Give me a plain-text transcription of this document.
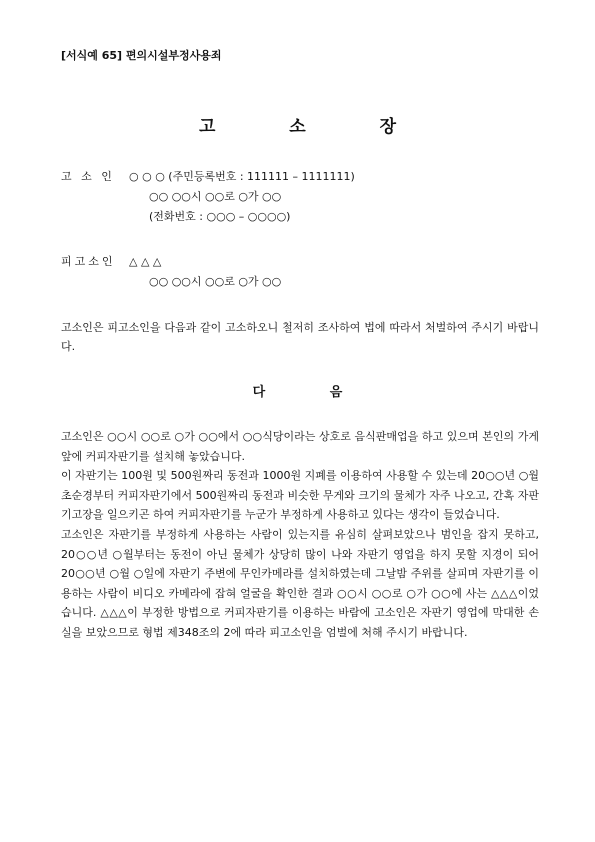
[서식예 65] 편의시설부정사용죄
고 소 장
고 소 인	○ ○ ○ (주민등록번호 : 111111 – 1111111)
○○ ○○시 ○○로 ○가 ○○
(전화번호 : ○○○ – ○○○○)
피고소인	△ △ △
○○ ○○시 ○○로 ○가 ○○
고소인은 피고소인을 다음과 같이 고소하오니 철저히 조사하여 법에 따라서 처벌하여 주시기 바랍니다.
다 음

고소인은 ○○시 ○○로 ○가 ○○에서 ○○식당이라는 상호로 음식판매업을 하고 있으며 본인의 가게 앞에 커피자판기를 설치해 놓았습니다.

이 자판기는 100원 및 500원짜리 동전과 1000원 지폐를 이용하여 사용할 수 있는데 20○○년 ○월 초순경부터 커피자판기에서 500원짜리 동전과 비슷한 무게와 크기의 물체가 자주 나오고, 간혹 자판기고장을 일으키곤 하여 커피자판기를 누군가 부정하게 사용하고 있다는 생각이 들었습니다.

고소인은 자판기를 부정하게 사용하는 사람이 있는지를 유심히 살펴보았으나 범인을 잡지 못하고, 20○○년 ○월부터는 동전이 아닌 물체가 상당히 많이 나와 자판기 영업을 하지 못할 지경이 되어 20○○년 ○월 ○일에 자판기 주변에 무인카메라를 설치하였는데 그날밤 주위를 살피며 자판기를 이용하는 사람이 비디오 카메라에 잡혀 얼굴을 확인한 결과 ○○시 ○○로 ○가 ○○에 사는 △△△이었습니다. △△△이 부정한 방법으로 커피자판기를 이용하는 바람에 고소인은 자판기 영업에 막대한 손실을 보았으므로 형법 제348조의 2에 따라 피고소인을 엄벌에 처해 주시기 바랍니다.
